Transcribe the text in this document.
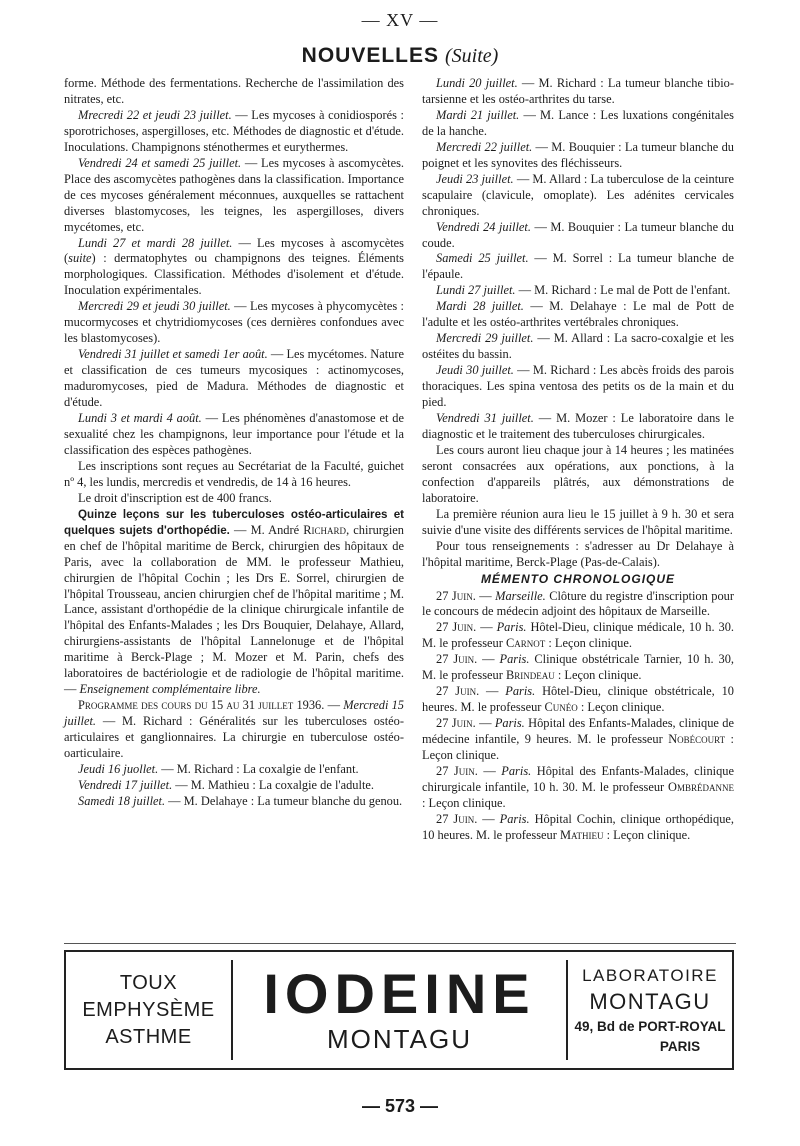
— XV —
NOUVELLES (Suite)

forme. Méthode des fermentations. Recherche de l'assimilation des nitrates, etc.

Mrecredi 22 et jeudi 23 juillet. — Les mycoses à conidiosporés : sporotrichoses, aspergilloses, etc. Méthodes de diagnostic et d'étude. Inoculations. Champignons sténothermes et eurythermes.

Vendredi 24 et samedi 25 juillet. — Les mycoses à ascomycètes. Place des ascomycètes pathogènes dans la classification. Importance de ces mycoses généralement méconnues, auxquelles se rattachent diverses blastomycoses, les teignes, les aspergilloses, divers mycétomes, etc.

Lundi 27 et mardi 28 juillet. — Les mycoses à ascomycètes (suite) : dermatophytes ou champignons des teignes. Éléments morphologiques. Classification. Méthodes d'isolement et d'étude. Inoculation expérimentales.

Mercredi 29 et jeudi 30 juillet. — Les mycoses à phycomycètes : mucormycoses et chytridiomycoses (ces dernières confondues avec les blastomycoses).

Vendredi 31 juillet et samedi 1er août. — Les mycétomes. Nature et classification de ces tumeurs mycosiques : actinomycoses, maduromycoses, pied de Madura. Méthodes de diagnostic et d'étude.

Lundi 3 et mardi 4 août. — Les phénomènes d'anastomose et de sexualité chez les champignons, leur importance pour l'étude et la classification des espèces pathogènes.

Les inscriptions sont reçues au Secrétariat de la Faculté, guichet nº 4, les lundis, mercredis et vendredis, de 14 à 16 heures.

Le droit d'inscription est de 400 francs.

Quinze leçons sur les tuberculoses ostéo-articulaires et quelques sujets d'orthopédie. — M. André Richard, chirurgien en chef de l'hôpital maritime de Berck, chirurgien des hôpitaux de Paris, avec la collaboration de MM. le professeur Mathieu, chirurgien de l'hôpital Cochin ; les Drs E. Sorrel, chirurgien de l'hôpital Trousseau, ancien chirurgien chef de l'hôpital maritime ; M. Lance, assistant d'orthopédie de la clinique chirurgicale infantile de l'hôpital des Enfants-Malades ; les Drs Bouquier, Delahaye, Allard, chirurgiens-assistants de l'hôpital Lannelonuge et de l'hôpital maritime à Berck-Plage ; M. Mozer et M. Parin, chefs des laboratoires de bactériologie et de radiologie de l'hôpital maritime. — Enseignement complémentaire libre.

Programme des cours du 15 au 31 juillet 1936. — Mercredi 15 juillet. — M. Richard : Généralités sur les tuberculoses ostéo-articulaires et ganglionnaires. La chirurgie en tuberculose ostéo-oarticulaire.

Jeudi 16 juollet. — M. Richard : La coxalgie de l'enfant.

Vendredi 17 juillet. — M. Mathieu : La coxalgie de l'adulte.

Samedi 18 juillet. — M. Delahaye : La tumeur blanche du genou.

Lundi 20 juillet. — M. Richard : La tumeur blanche tibio-tarsienne et les ostéo-arthrites du tarse.

Mardi 21 juillet. — M. Lance : Les luxations congénitales de la hanche.

Mercredi 22 juillet. — M. Bouquier : La tumeur blanche du poignet et les synovites des fléchisseurs.

Jeudi 23 juillet. — M. Allard : La tuberculose de la ceinture scapulaire (clavicule, omoplate). Les adénites cervicales chroniques.

Vendredi 24 juillet. — M. Bouquier : La tumeur blanche du coude.

Samedi 25 juillet. — M. Sorrel : La tumeur blanche de l'épaule.

Lundi 27 juillet. — M. Richard : Le mal de Pott de l'enfant.

Mardi 28 juillet. — M. Delahaye : Le mal de Pott de l'adulte et les ostéo-arthrites vertébrales chroniques.

Mercredi 29 juillet. — M. Allard : La sacro-coxalgie et les ostéites du bassin.

Jeudi 30 juillet. — M. Richard : Les abcès froids des parois thoraciques. Les spina ventosa des petits os de la main et du pied.

Vendredi 31 juillet. — M. Mozer : Le laboratoire dans le diagnostic et le traitement des tuberculoses chirurgicales.

Les cours auront lieu chaque jour à 14 heures ; les matinées seront consacrées aux opérations, aux ponctions, à la confection d'appareils plâtrés, aux démonstrations de laboratoire.

La première réunion aura lieu le 15 juillet à 9 h. 30 et sera suivie d'une visite des différents services de l'hôpital maritime.

Pour tous renseignements : s'adresser au Dr Delahaye à l'hôpital maritime, Berck-Plage (Pas-de-Calais).

MÉMENTO CHRONOLOGIQUE

27 Juin. — Marseille. Clôture du registre d'inscription pour le concours de médecin adjoint des hôpitaux de Marseille.

27 Juin. — Paris. Hôtel-Dieu, clinique médicale, 10 h. 30. M. le professeur Carnot : Leçon clinique.

27 Juin. — Paris. Clinique obstétricale Tarnier, 10 h. 30, M. le professeur Brindeau : Leçon clinique.

27 Juin. — Paris. Hôtel-Dieu, clinique obstétricale, 10 heures. M. le professeur Cunéo : Leçon clinique.

27 Juin. — Paris. Hôpital des Enfants-Malades, clinique de médecine infantile, 9 heures. M. le professeur Nobécourt : Leçon clinique.

27 Juin. — Paris. Hôpital des Enfants-Malades, clinique chirurgicale infantile, 10 h. 30. M. le professeur Ombrédanne : Leçon clinique.

27 Juin. — Paris. Hôpital Cochin, clinique orthopédique, 10 heures. M. le professeur Mathieu : Leçon clinique.

TOUX
EMPHYSÈME
ASTHME
IODEINE
MONTAGU
LABORATOIRE
MONTAGU
49, Bd de PORT-ROYAL
PARIS
— 573 —
